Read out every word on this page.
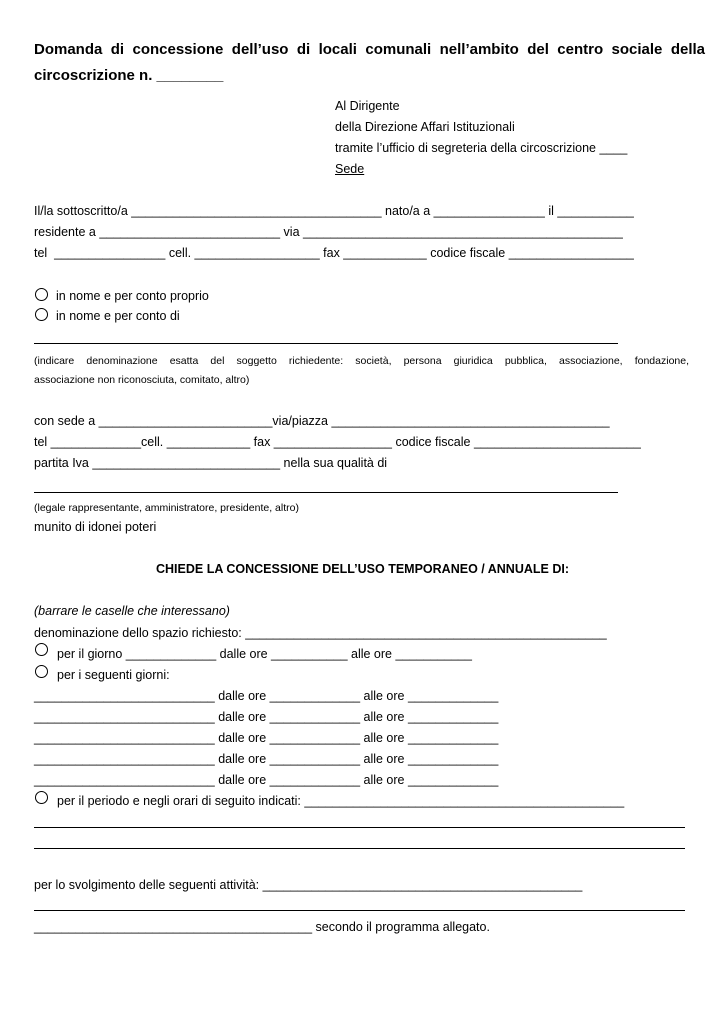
Domanda di concessione dell’uso di locali comunali nell’ambito del centro sociale della
circoscrizione n. ________
Al Dirigente
della Direzione Affari Istituzionali
tramite l’ufficio di segreteria della circoscrizione ____
Sede
Il/la sottoscritto/a ____________________________________ nato/a a ________________ il ___________
residente a __________________________ via ______________________________________________
tel  ________________ cell. __________________ fax ____________ codice fiscale __________________
in nome e per conto proprio
in nome e per conto di
(indicare denominazione esatta del soggetto richiedente: società, persona giuridica pubblica, associazione, fondazione,
associazione non riconosciuta, comitato, altro)
con sede a _________________________via/piazza ________________________________________
tel _____________cell. ____________ fax _________________ codice fiscale ________________________
partita Iva ___________________________ nella sua qualità di
(legale rappresentante, amministratore, presidente, altro)
munito di idonei poteri
CHIEDE LA CONCESSIONE DELL’USO TEMPORANEO / ANNUALE DI:
(barrare le caselle che interessano)
denominazione dello spazio richiesto: ____________________________________________________
per il giorno _____________ dalle ore ___________ alle ore ___________
per i seguenti giorni:
__________________________ dalle ore _____________ alle ore _____________
__________________________ dalle ore _____________ alle ore _____________
__________________________ dalle ore _____________ alle ore _____________
__________________________ dalle ore _____________ alle ore _____________
__________________________ dalle ore _____________ alle ore _____________
per il periodo e negli orari di seguito indicati: ______________________________________________
per lo svolgimento delle seguenti attività: ______________________________________________
________________________________________ secondo il programma allegato.
